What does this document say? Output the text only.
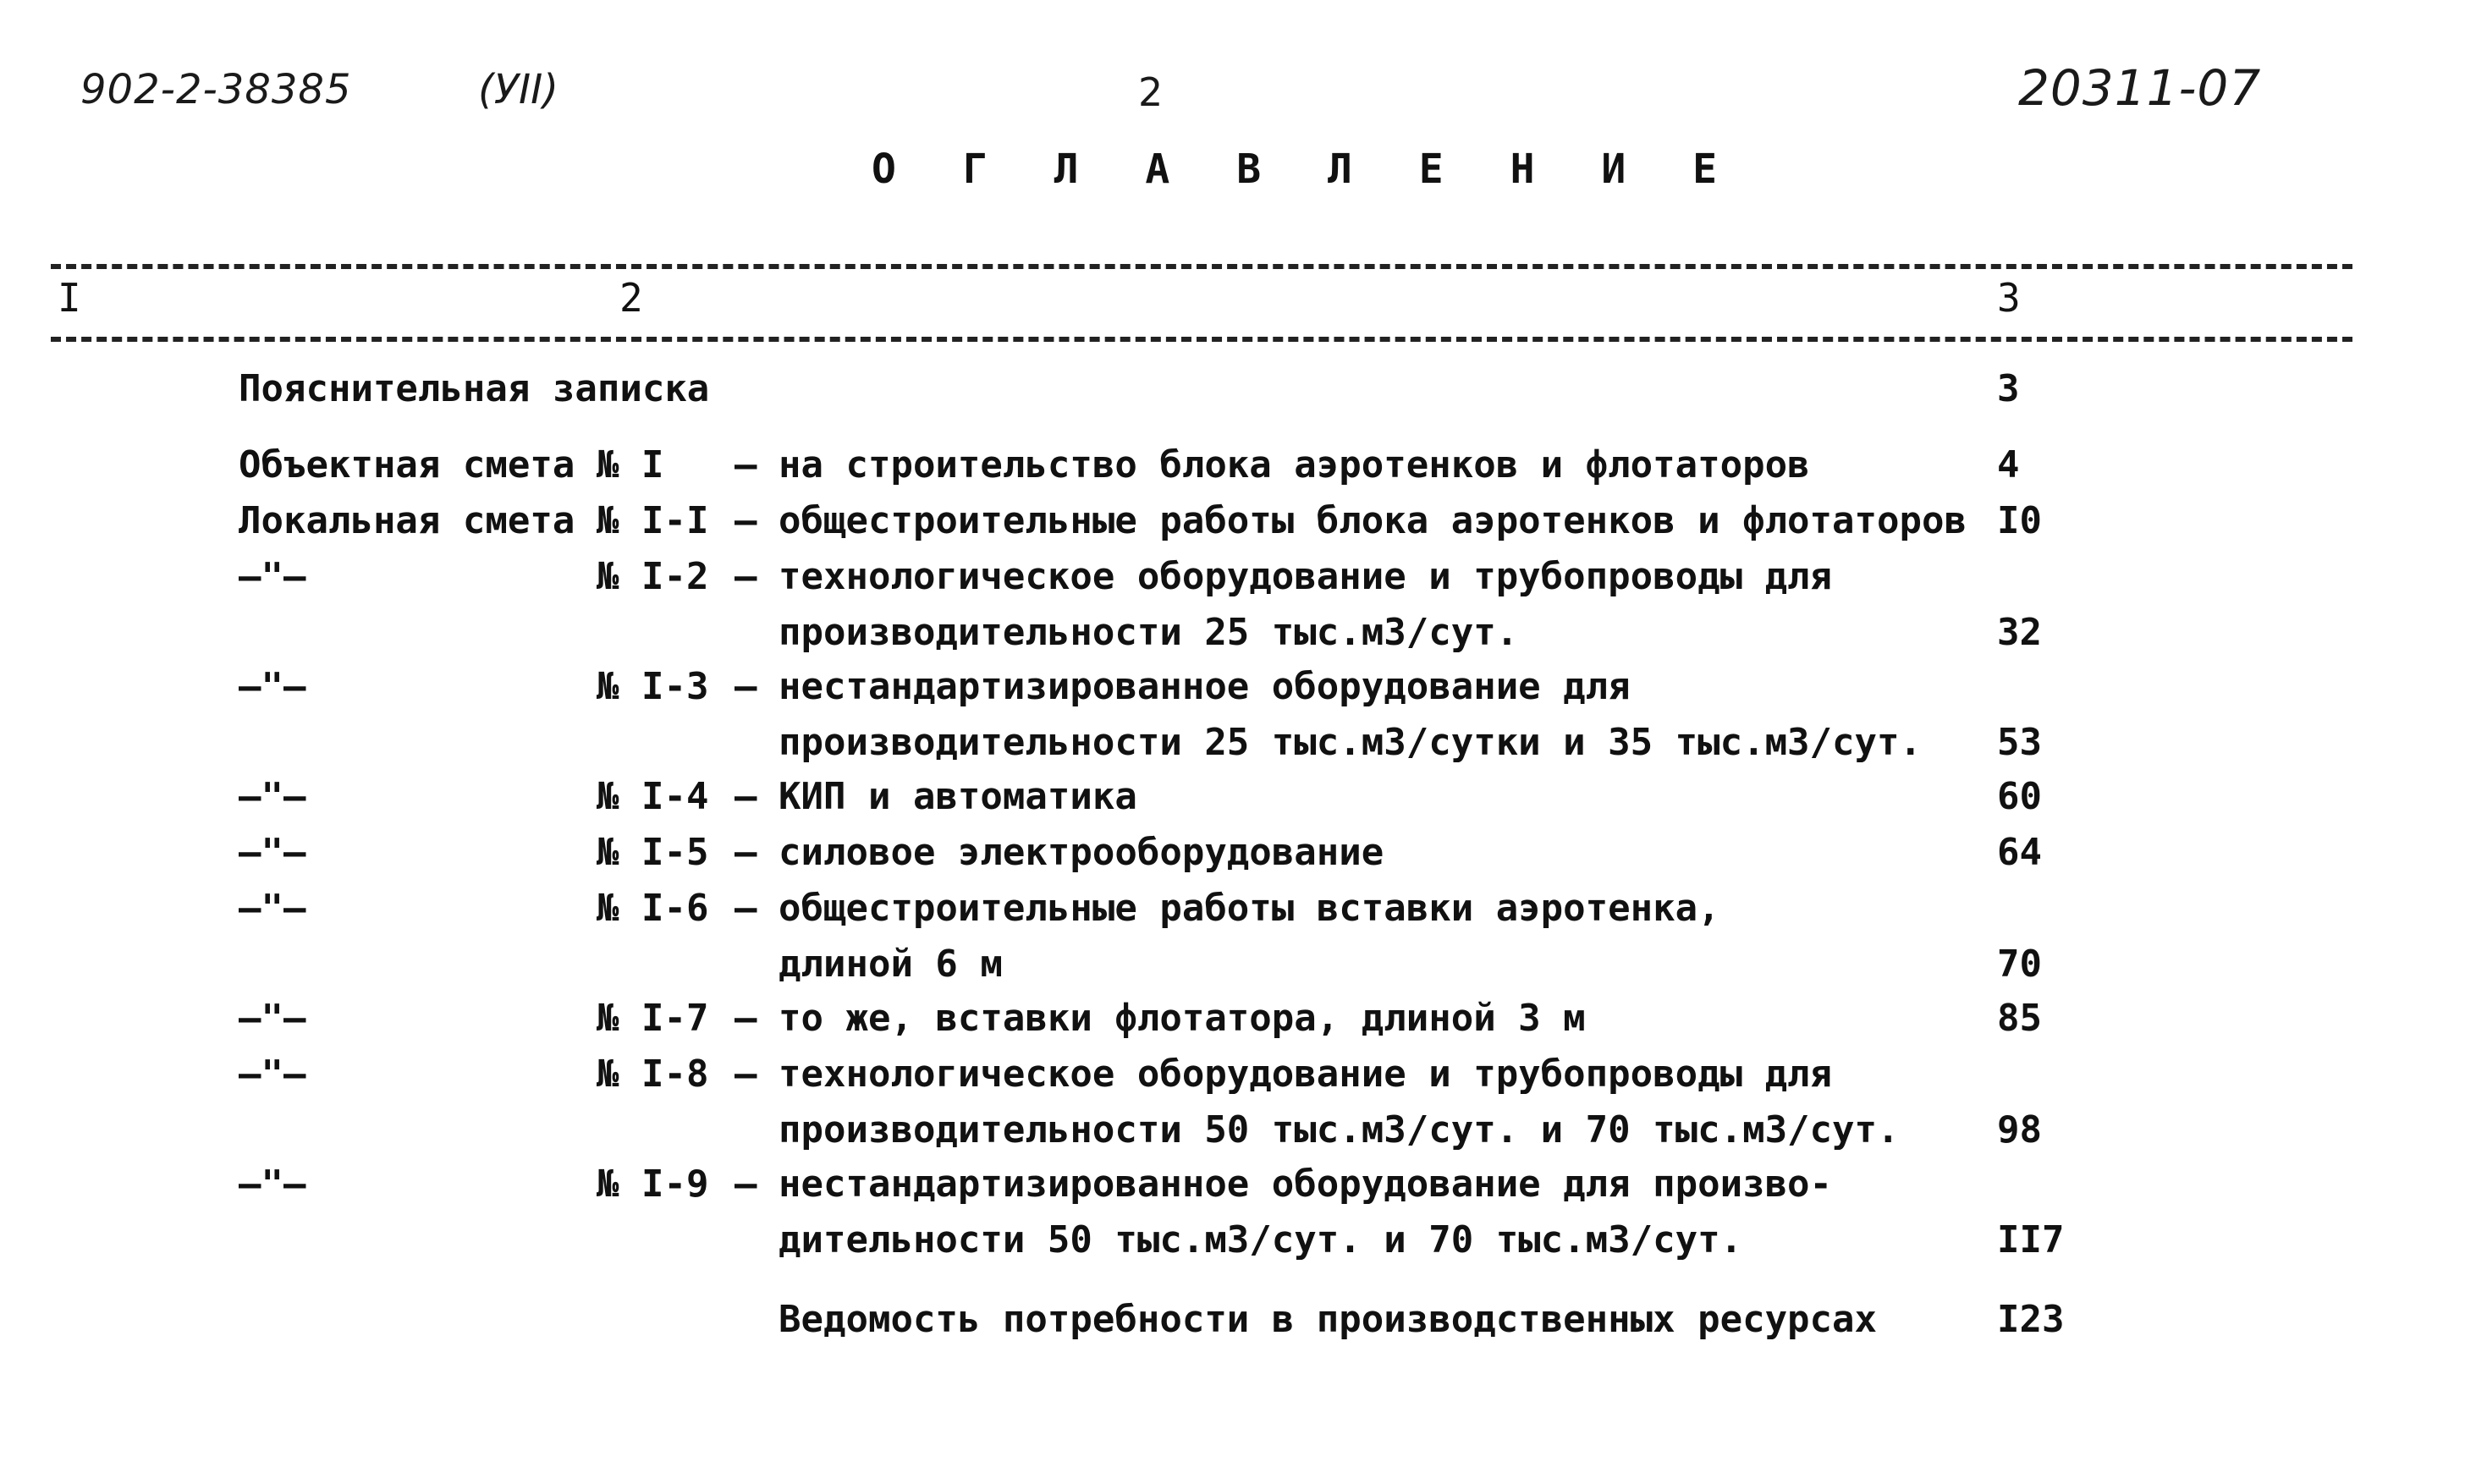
902-2-38385	(УII)	2	20311-07
О Г Л А В Л Е Н И Е
I	2	3
Пояснительная записка	3
Объектная смета № I – на строительство блока аэротенков и флотаторов	4
Локальная смета № I-I – общестроительные работы блока аэротенков и флотаторов I0
–"–	№ I-2 – технологическое оборудование и трубопроводы для
производительности 25 тыс.м3/сут.	32
–"–	№ I-3 – нестандартизированное оборудование для
производительности 25 тыс.м3/сутки и 35 тыс.м3/сут. 53
–"–	№ I-4 – КИП и автоматика	60
–"–	№ I-5 – силовое электрооборудование	64
–"–	№ I-6 – общестроительные работы вставки аэротенка,
длиной 6 м	70
–"–	№ I-7 – то же, вставки флотатора, длиной 3 м	85
–"–	№ I-8 – технологическое оборудование и трубопроводы для
производительности 50 тыс.м3/сут. и 70 тыс.м3/сут.	98
–"–	№ I-9 – нестандартизированное оборудование для произво-
дительности 50 тыс.м3/сут. и 70 тыс.м3/сут.	II7
Ведомость потребности в производственных ресурсах	I23
